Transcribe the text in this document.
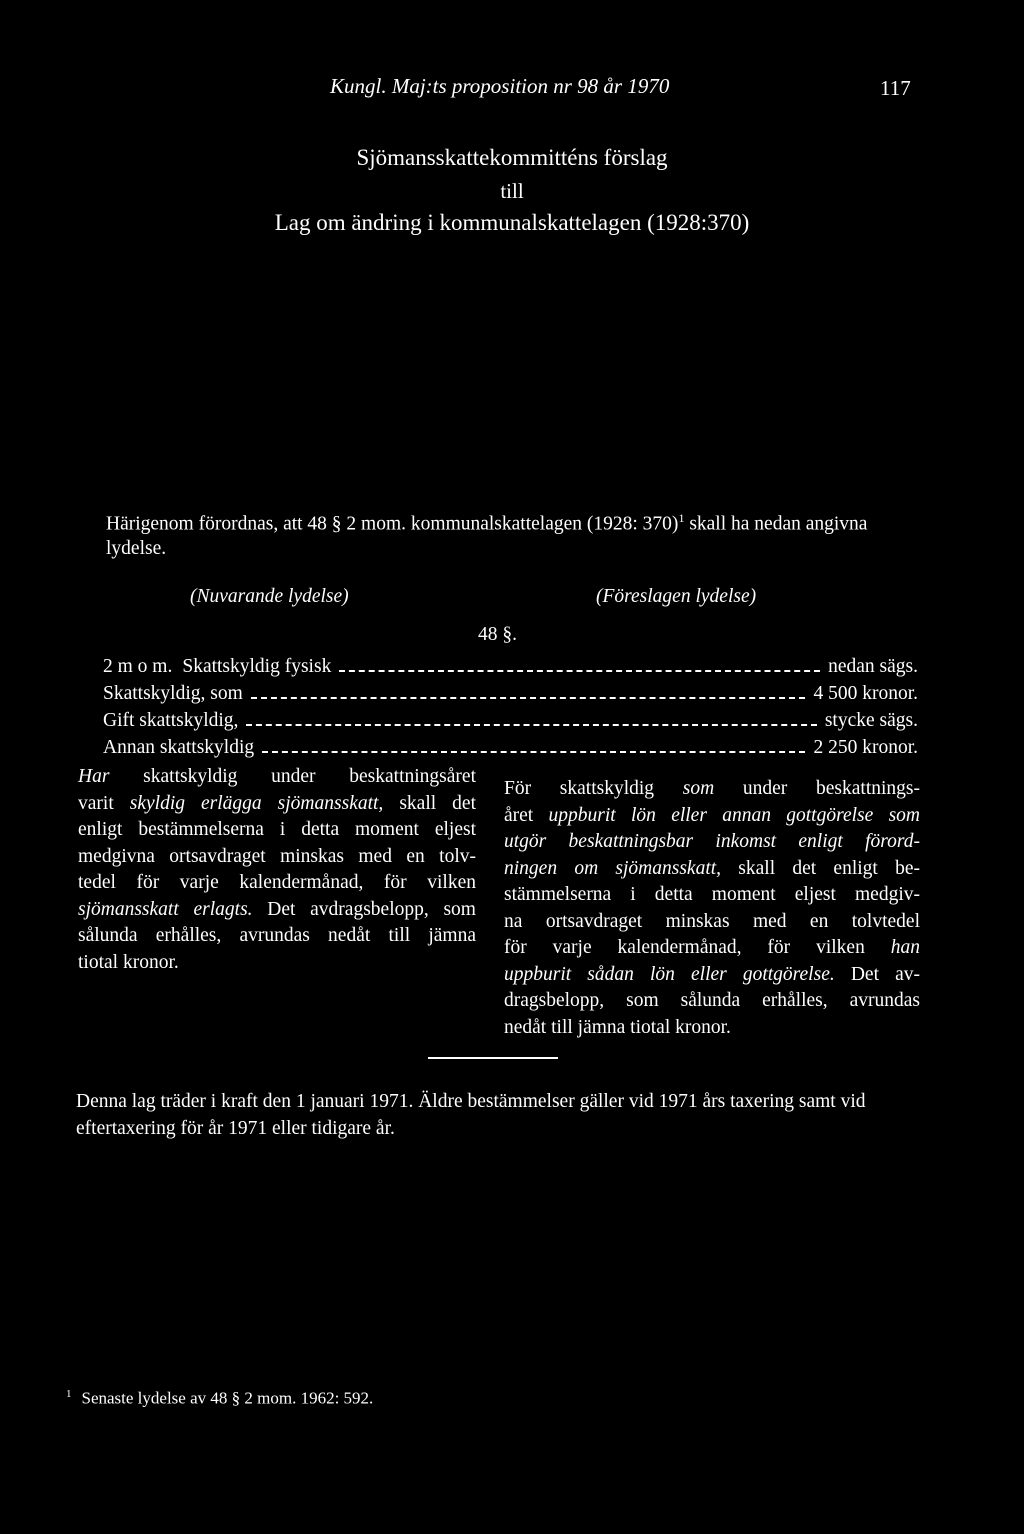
Kungl. Maj:ts proposition nr 98 år 1970	117
Sjömansskattekommitténs förslag
till
Lag om ändring i kommunalskattelagen (1928:370)
Härigenom förordnas, att 48 § 2 mom. kommunalskattelagen (1928: 370)$^1$ skall ha nedan angivna lydelse.
(Nuvarande lydelse)	(Föreslagen lydelse)
48 §.
2 m o m. Skattskyldig fysisk	nedan sägs.
Skattskyldig, som	4 500 kronor.
Gift skattskyldig,	stycke sägs.
Annan skattskyldig	2 250 kronor.
Har skattskyldig under beskattningsåret
varit skyldig erlägga sjömansskatt, skall det
enligt bestämmelserna i detta moment eljest
medgivna ortsavdraget minskas med en tolv-
tedel för varje kalendermånad, för vilken
sjömansskatt erlagts. Det avdragsbelopp, som
sålunda erhålles, avrundas nedåt till jämna
tiotal kronor.
För skattskyldig som under beskattnings-
året uppburit lön eller annan gottgörelse som
utgör beskattningsbar inkomst enligt förord-
ningen om sjömansskatt, skall det enligt be-
stämmelserna i detta moment eljest medgiv-
na ortsavdraget minskas med en tolvtedel
för varje kalendermånad, för vilken han
uppburit sådan lön eller gottgörelse. Det av-
dragsbelopp, som sålunda erhålles, avrundas
nedåt till jämna tiotal kronor.
Denna lag träder i kraft den 1 januari 1971. Äldre bestämmelser gäller vid 1971 års taxering samt vid eftertaxering för år 1971 eller tidigare år.
$^1$ Senaste lydelse av 48 § 2 mom. 1962: 592.
